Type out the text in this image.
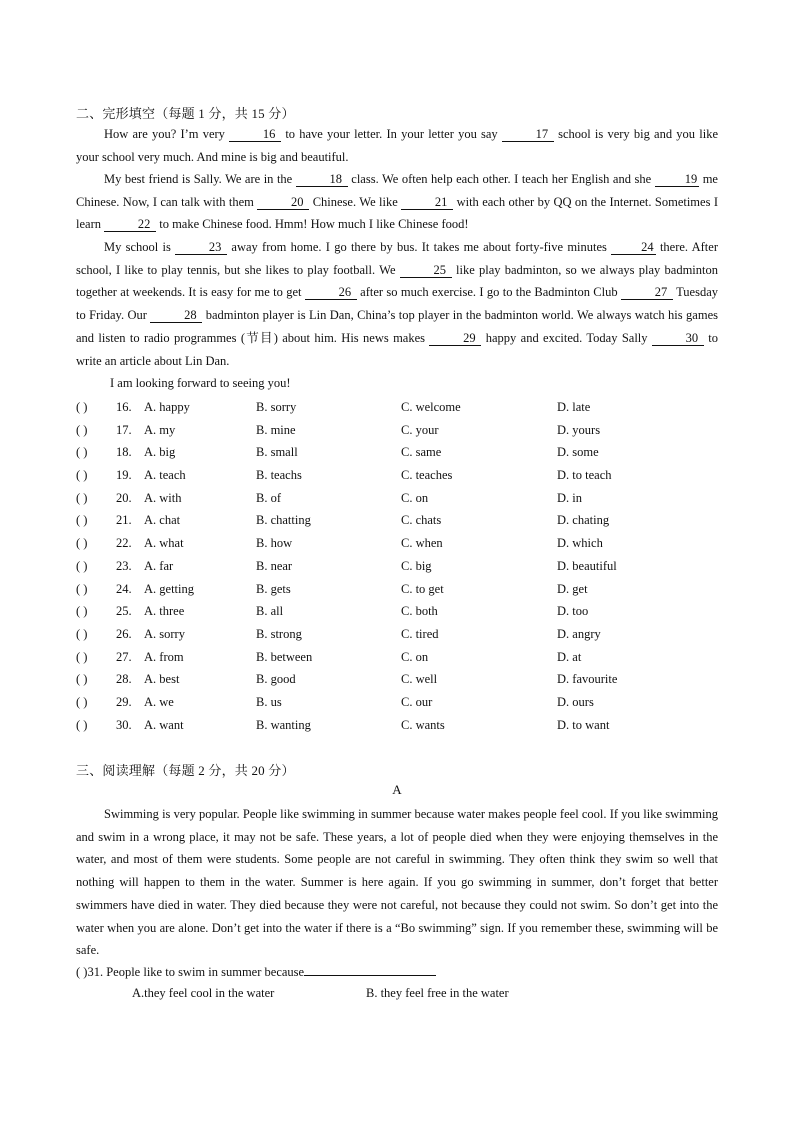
二、完形填空（每题 1 分，共 15 分）

How are you? I’m very	16 to have your letter. In your letter you say	17 school is very big and you like your school very much. And mine is big and beautiful.

My best friend is Sally. We are in the	18 class. We often help each other. I teach her English and she 19 me Chinese. Now, I can talk with them	20 Chinese. We like	21 with each other by QQ on the Internet. Sometimes I learn	22 to make Chinese food. Hmm! How much I like Chinese food!

My school is	23 away from home. I go there by bus. It takes me about forty-five minutes 24 there. After school, I like to play tennis, but she likes to play football. We	25 like play badminton, so we always play badminton together at weekends. It is easy for me to get	26 after so much exercise. I go to the Badminton Club	27 Tuesday to Friday. Our	28 badminton player is Lin Dan, China’s top player in the badminton world. We always watch his games and listen to radio programmes (节目) about him. His news makes	29 happy and excited. Today Sally	30 to write an article about Lin Dan.

I am looking forward to seeing you!
( ) 16. A. happy	B. sorry	C. welcome	D. late
( ) 17. A. my	B. mine	C. your	D. yours
( ) 18. A. big	B. small	C. same	D. some
( ) 19. A. teach	B. teachs	C. teaches	D. to teach
( ) 20. A. with	B. of	C. on	D. in
( ) 21. A. chat	B. chatting	C. chats	D. chating
( ) 22. A. what	B. how	C. when	D. which
( ) 23. A. far	B. near	C. big	D. beautiful
( ) 24. A. getting	B. gets	C. to get	D. get
( ) 25. A. three	B. all	C. both	D. too
( ) 26. A. sorry	B. strong	C. tired	D. angry
( ) 27. A. from	B. between	C. on	D. at
( ) 28. A. best	B. good	C. well	D. favourite
( ) 29. A. we	B. us	C. our	D. ours
( ) 30. A. want	B. wanting	C. wants	D. to want
三、阅读理解（每题 2 分，共 20 分）
A

Swimming is very popular. People like swimming in summer because water makes people feel cool. If you like swimming and swim in a wrong place, it may not be safe. These years, a lot of people died when they were enjoying themselves in the water, and most of them were students. Some people are not careful in swimming. They often think they swim so well that nothing will happen to them in the water. Summer is here again. If you go swimming in summer, don’t forget that better swimmers have died in water. They died because they were not careful, not because they could not swim. So don’t get into the water when you are alone. Don’t get into the water if there is a “Bo swimming” sign. If you remember these, swimming will be safe.

( )31. People like to swim in summer because
A.they feel cool in the water	B. they feel free in the water
